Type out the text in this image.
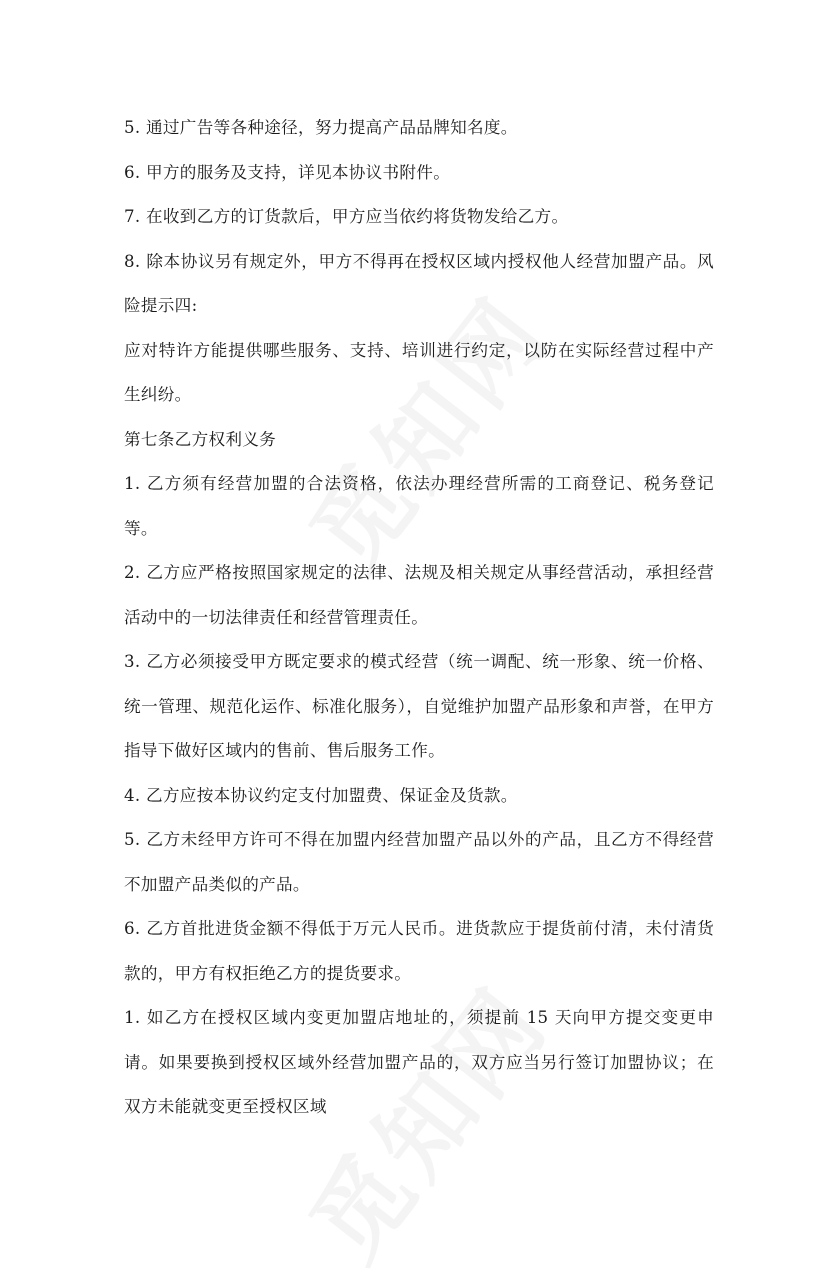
5. 通过广告等各种途径，努力提高产品品牌知名度。

6. 甲方的服务及支持，详见本协议书附件。

7. 在收到乙方的订货款后，甲方应当依约将货物发给乙方。

8. 除本协议另有规定外，甲方不得再在授权区域内授权他人经营加盟产品。风险提示四:

应对特许方能提供哪些服务、支持、培训进行约定，以防在实际经营过程中产生纠纷。

第七条乙方权利义务

1. 乙方须有经营加盟的合法资格，依法办理经营所需的工商登记、税务登记等。

2. 乙方应严格按照国家规定的法律、法规及相关规定从事经营活动，承担经营活动中的一切法律责任和经营管理责任。

3. 乙方必须接受甲方既定要求的模式经营（统一调配、统一形象、统一价格、统一管理、规范化运作、标准化服务），自觉维护加盟产品形象和声誉，在甲方指导下做好区域内的售前、售后服务工作。

4. 乙方应按本协议约定支付加盟费、保证金及货款。

5. 乙方未经甲方许可不得在加盟内经营加盟产品以外的产品，且乙方不得经营不加盟产品类似的产品。

6. 乙方首批进货金额不得低于万元人民币。进货款应于提货前付清，未付清货款的，甲方有权拒绝乙方的提货要求。

1. 如乙方在授权区域内变更加盟店地址的，须提前 15 天向甲方提交变更申请。如果要换到授权区域外经营加盟产品的，双方应当另行签订加盟协议；在双方未能就变更至授权区域
